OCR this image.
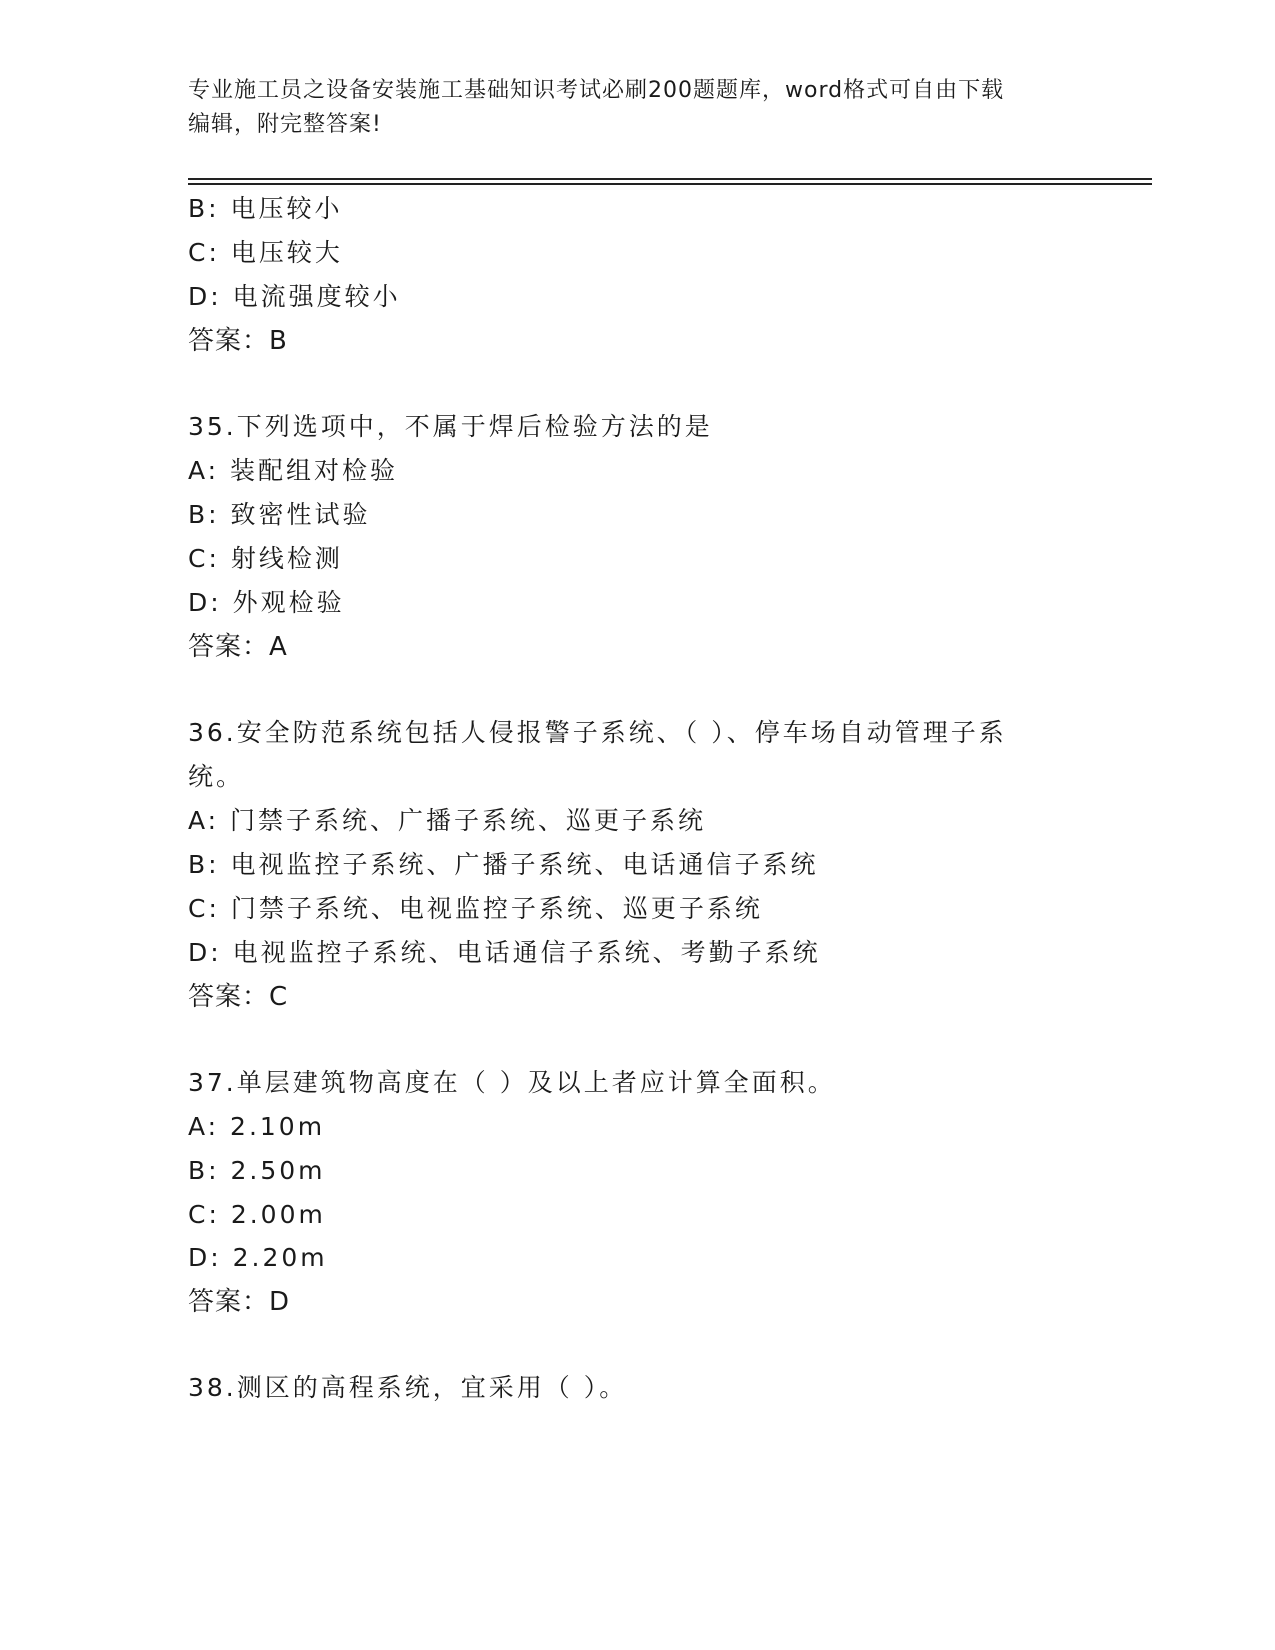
专业施工员之设备安装施工基础知识考试必刷200题题库，word格式可自由下载
编辑，附完整答案!
B: 电压较小
C: 电压较大
D: 电流强度较小
答案：B
35.下列选项中，不属于焊后检验方法的是
A: 装配组对检验
B: 致密性试验
C: 射线检测
D: 外观检验
答案：A
36.安全防范系统包括人侵报警子系统、（ ）、停车场自动管理子系
统。
A: 门禁子系统、广播子系统、巡更子系统
B: 电视监控子系统、广播子系统、电话通信子系统
C: 门禁子系统、电视监控子系统、巡更子系统
D: 电视监控子系统、电话通信子系统、考勤子系统
答案：C
37.单层建筑物高度在（ ）及以上者应计算全面积。
A: 2.10m
B: 2.50m
C: 2.00m
D: 2.20m
答案：D
38.测区的高程系统，宜采用（ ）。
